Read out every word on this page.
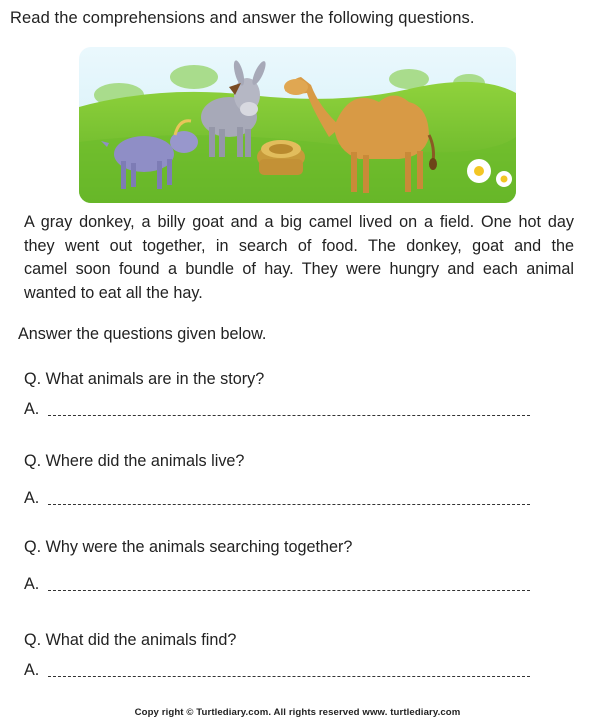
Read the comprehensions and answer the following questions.
A gray donkey, a billy goat and a big camel lived on a field. One hot day
they went out together, in search of food. The donkey, goat and the
camel soon found a bundle of hay. They were hungry and each animal
wanted to eat all the hay.
Answer the questions given below.
Q. What animals are in the story?
A.
Q. Where did the animals live?
A.
Q. Why were the animals searching together?
A.
Q. What did the animals find?
A.
Copy right © Turtlediary.com. All rights reserved www. turtlediary.com
